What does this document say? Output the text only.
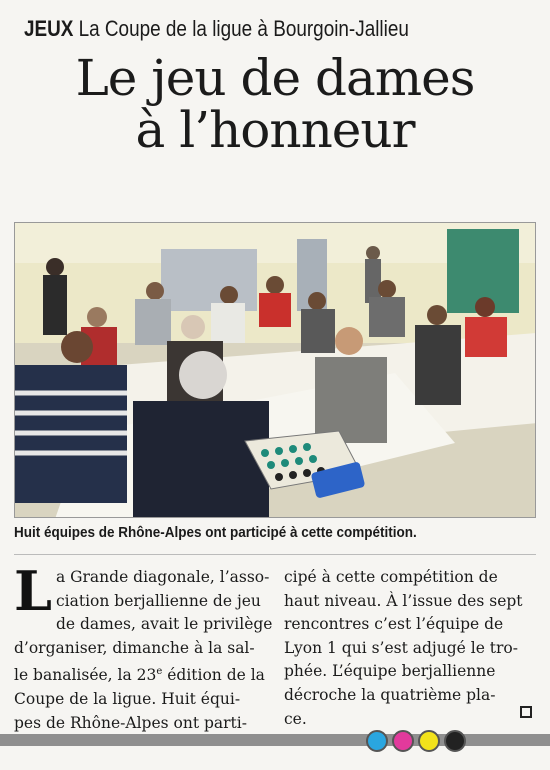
JEUX La Coupe de la ligue à Bourgoin-Jallieu
Le jeu de dames
à l’honneur
Huit équipes de Rhône-Alpes ont participé à cette compétition.
L a Grande diagonale, l’asso-

ciation berjallienne de jeu

de dames, avait le privilège

d’organiser, dimanche à la sal-

le banalisée, la 23e édition de la

Coupe de la ligue. Huit équi-

pes de Rhône-Alpes ont parti-

cipé à cette compétition de

haut niveau. À l’issue des sept

rencontres c’est l’équipe de

Lyon 1 qui s’est adjugé le tro-

phée. L’équipe berjallienne

décroche la quatrième pla-

ce.
